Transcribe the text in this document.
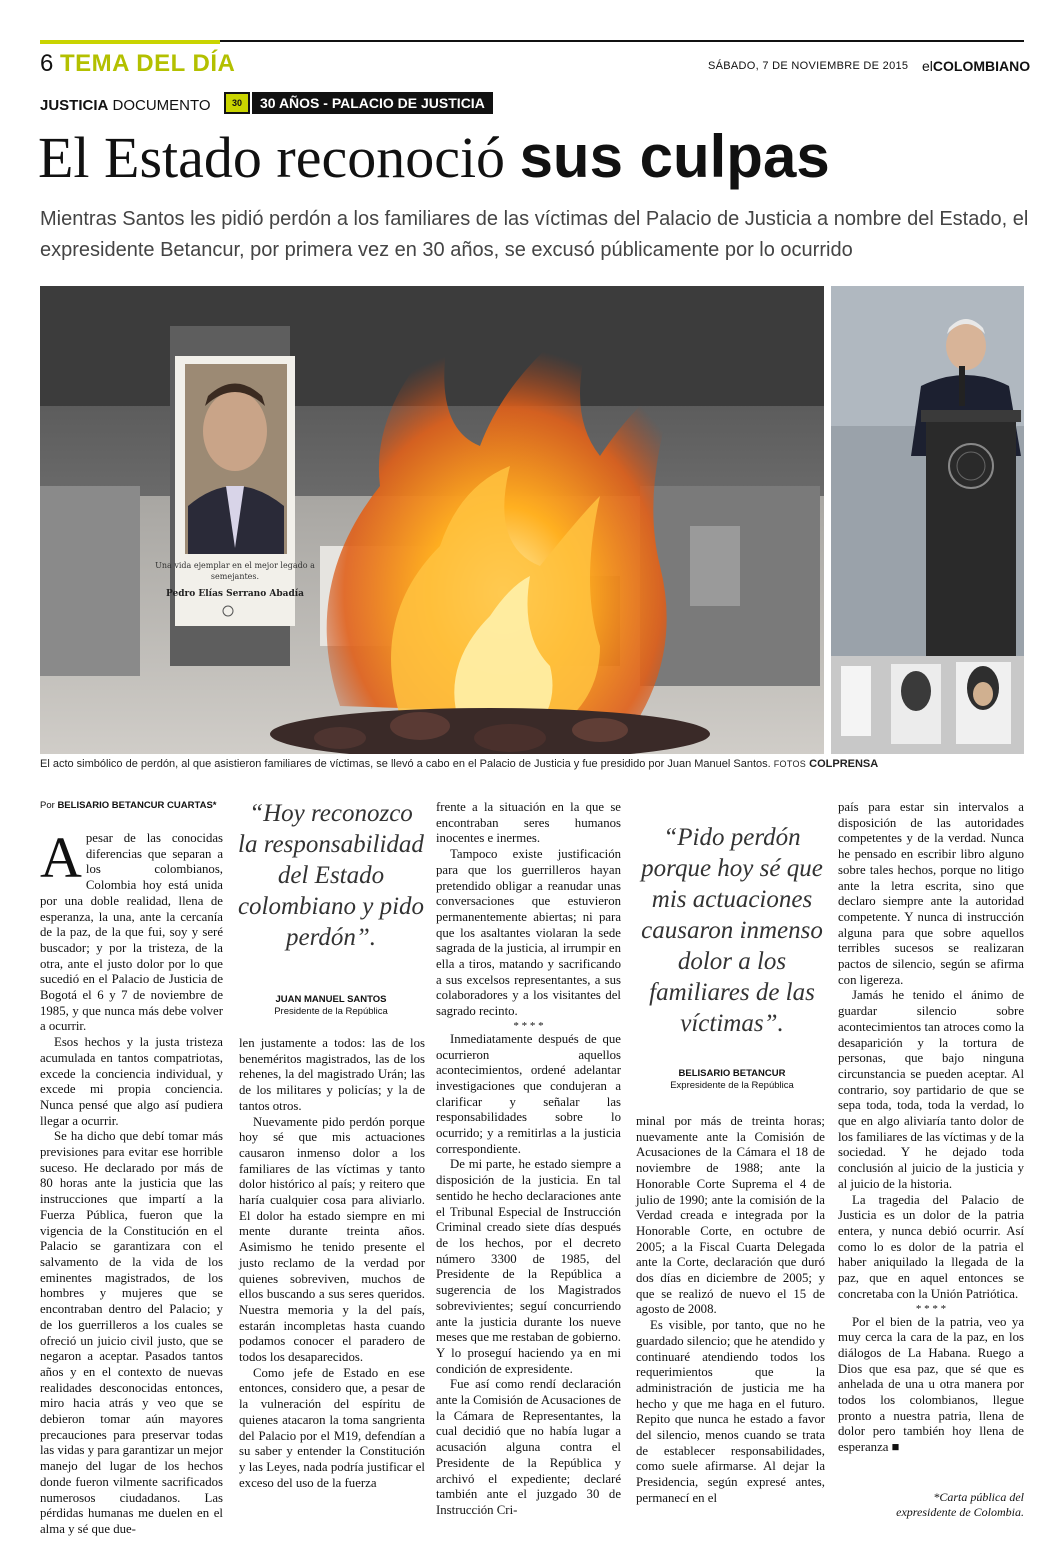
6 TEMA DEL DÍA	SÁBADO, 7 DE NOVIEMBRE DE 2015 elCOLOMBIANO
JUSTICIA DOCUMENTO	30	30 AÑOS - PALACIO DE JUSTICIA
El Estado reconoció sus culpas
Mientras Santos les pidió perdón a los familiares de las víctimas del Palacio de Justicia a nombre del Estado, el expresidente Betancur, por primera vez en 30 años, se excusó públicamente por lo ocurrido
Una vida ejemplar en el mejor legado a
semejantes.
Pedro Elías Serrano Abadía
El acto simbólico de perdón, al que asistieron familiares de víctimas, se llevó a cabo en el Palacio de Justicia y fue presidido por Juan Manuel Santos. FOTOS COLPRENSA
Por BELISARIO BETANCUR CUARTAS*

Apesar de las conocidas diferencias que separan a los colombianos, Colombia hoy está unida por una doble realidad, llena de esperanza, la una, ante la cercanía de la paz, de la que fui, soy y seré buscador; y por la tristeza, de la otra, ante el justo dolor por lo que sucedió en el Palacio de Justicia de Bogotá el 6 y 7 de noviembre de 1985, y que nunca más debe volver a ocurrir.

Esos hechos y la justa tristeza acumulada en tantos compatriotas, excede la conciencia individual, y excede mi propia conciencia. Nunca pensé que algo así pudiera llegar a ocurrir.

Se ha dicho que debí tomar más previsiones para evitar ese horrible suceso. He declarado por más de 80 horas ante la justicia que las instrucciones que impartí a la Fuerza Pública, fueron que la vigencia de la Constitución en el Palacio se garantizara con el salvamento de la vida de los eminentes magistrados, de los hombres y mujeres que se encontraban dentro del Palacio; y de los guerrilleros a los cuales se ofreció un juicio civil justo, que se negaron a aceptar. Pasados tantos años y en el contexto de nuevas realidades desconocidas entonces, miro hacia atrás y veo que se debieron tomar aún mayores precauciones para preservar todas las vidas y para garantizar un mejor manejo del lugar de los hechos donde fueron vilmente sacrificados numerosos ciudadanos. Las pérdidas humanas me duelen en el alma y sé que due-

“Hoy reconozco la responsabilidad del Estado colombiano y pido perdón”.
JUAN MANUEL SANTOS
Presidente de la República

len justamente a todos: las de los beneméritos magistrados, las de los rehenes, la del magistrado Urán; las de los militares y policías; y la de tantos otros.

Nuevamente pido perdón porque hoy sé que mis actuaciones causaron inmenso dolor a los familiares de las víctimas y tanto dolor histórico al país; y reitero que haría cualquier cosa para aliviarlo. El dolor ha estado siempre en mi mente durante treinta años. Asimismo he tenido presente el justo reclamo de la verdad por quienes sobreviven, muchos de ellos buscando a sus seres queridos. Nuestra memoria y la del país, estarán incompletas hasta cuando podamos conocer el paradero de todos los desaparecidos.

Como jefe de Estado en ese entonces, considero que, a pesar de la vulneración del espíritu de quienes atacaron la toma sangrienta del Palacio por el M19, defendían a su saber y entender la Constitución y las Leyes, nada podría justificar el exceso del uso de la fuerza

frente a la situación en la que se encontraban seres humanos inocentes e inermes.

Tampoco existe justificación para que los guerrilleros hayan pretendido obligar a reanudar unas conversaciones que estuvieron permanentemente abiertas; ni para que los asaltantes violaran la sede sagrada de la justicia, al irrumpir en ella a tiros, matando y sacrificando a sus excelsos representantes, a sus colaboradores y a los visitantes del sagrado recinto.

* * * *

Inmediatamente después de que ocurrieron aquellos acontecimientos, ordené adelantar investigaciones que condujeran a clarificar y señalar las responsabilidades sobre lo ocurrido; y a remitirlas a la justicia correspondiente.

De mi parte, he estado siempre a disposición de la justicia. En tal sentido he hecho declaraciones ante el Tribunal Especial de Instrucción Criminal creado siete días después de los hechos, por el decreto número 3300 de 1985, del Presidente de la República a sugerencia de los Magistrados sobrevivientes; seguí concurriendo ante la justicia durante los nueve meses que me restaban de gobierno. Y lo proseguí haciendo ya en mi condición de expresidente.

Fue así como rendí declaración ante la Comisión de Acusaciones de la Cámara de Representantes, la cual decidió que no había lugar a acusación alguna contra el Presidente de la República y archivó el expediente; declaré también ante el juzgado 30 de Instrucción Cri-

“Pido perdón porque hoy sé que mis actuaciones causaron inmenso dolor a los familiares de las víctimas”.
BELISARIO BETANCUR
Expresidente de la República

minal por más de treinta horas; nuevamente ante la Comisión de Acusaciones de la Cámara el 18 de noviembre de 1988; ante la Honorable Corte Suprema el 4 de julio de 1990; ante la comisión de la Verdad creada e integrada por la Honorable Corte, en octubre de 2005; a la Fiscal Cuarta Delegada ante la Corte, declaración que duró dos días en diciembre de 2005; y que se realizó de nuevo el 15 de agosto de 2008.

Es visible, por tanto, que no he guardado silencio; que he atendido y continuaré atendiendo todos los requerimientos que la administración de justicia me ha hecho y que me haga en el futuro. Repito que nunca he estado a favor del silencio, menos cuando se trata de establecer responsabilidades, como suele afirmarse. Al dejar la Presidencia, según expresé antes, permanecí en el

país para estar sin intervalos a disposición de las autoridades competentes y de la verdad. Nunca he pensado en escribir libro alguno sobre tales hechos, porque no litigo ante la letra escrita, sino que declaro siempre ante la autoridad competente. Y nunca di instrucción alguna para que sobre aquellos terribles sucesos se realizaran pactos de silencio, según se afirma con ligereza.

Jamás he tenido el ánimo de guardar silencio sobre acontecimientos tan atroces como la desaparición y la tortura de personas, que bajo ninguna circunstancia se pueden aceptar. Al contrario, soy partidario de que se sepa toda, toda, toda la verdad, lo que en algo aliviaría tanto dolor de los familiares de las víctimas y de la sociedad. Y he dejado toda conclusión al juicio de la justicia y al juicio de la historia.

La tragedia del Palacio de Justicia es un dolor de la patria entera, y nunca debió ocurrir. Así como lo es dolor de la patria el haber aniquilado la llegada de la paz, que en aquel entonces se concretaba con la Unión Patriótica.

* * * *

Por el bien de la patria, veo ya muy cerca la cara de la paz, en los diálogos de La Habana. Ruego a Dios que esa paz, que sé que es anhelada de una u otra manera por todos los colombianos, llegue pronto a nuestra patria, llena de dolor pero también hoy llena de esperanza ■

*Carta pública del
expresidente de Colombia.
